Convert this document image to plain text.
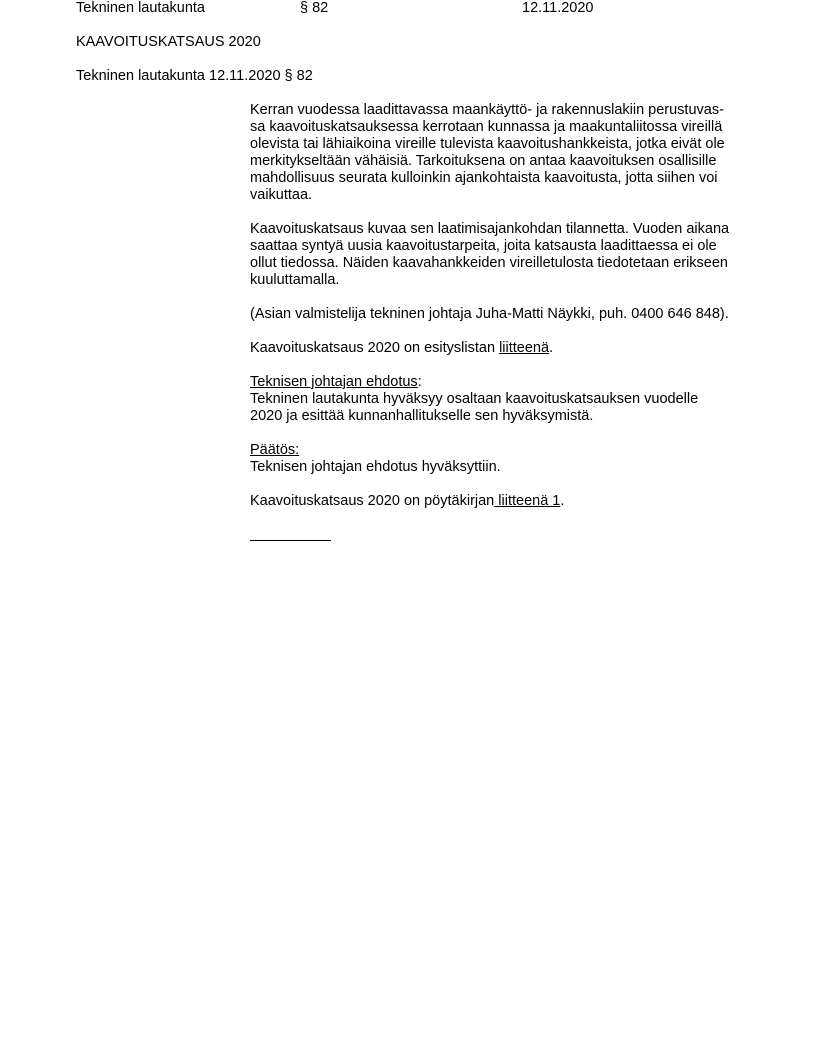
Tekninen lautakunta	§ 82	12.11.2020
KAAVOITUSKATSAUS 2020
Tekninen lautakunta 12.11.2020 § 82
Kerran vuodessa laadittavassa maankäyttö- ja rakennuslakiin perustuvas-
sa kaavoituskatsauksessa kerrotaan kunnassa ja maakuntaliitossa vireillä
olevista tai lähiaikoina vireille tulevista kaavoitushankkeista, jotka eivät ole
merkitykseltään vähäisiä. Tarkoituksena on antaa kaavoituksen osallisille
mahdollisuus seurata kulloinkin ajankohtaista kaavoitusta, jotta siihen voi
vaikuttaa.
Kaavoituskatsaus kuvaa sen laatimisajankohdan tilannetta. Vuoden aikana
saattaa syntyä uusia kaavoitustarpeita, joita katsausta laadittaessa ei ole
ollut tiedossa. Näiden kaavahankkeiden vireilletulosta tiedotetaan erikseen
kuuluttamalla.
(Asian valmistelija tekninen johtaja Juha-Matti Näykki, puh. 0400 646 848).
Kaavoituskatsaus 2020 on esityslistan liitteenä.
Teknisen johtajan ehdotus:
Tekninen lautakunta hyväksyy osaltaan kaavoituskatsauksen vuodelle
2020 ja esittää kunnanhallitukselle sen hyväksymistä.
Päätös:
Teknisen johtajan ehdotus hyväksyttiin.
Kaavoituskatsaus 2020 on pöytäkirjan liitteenä 1.
